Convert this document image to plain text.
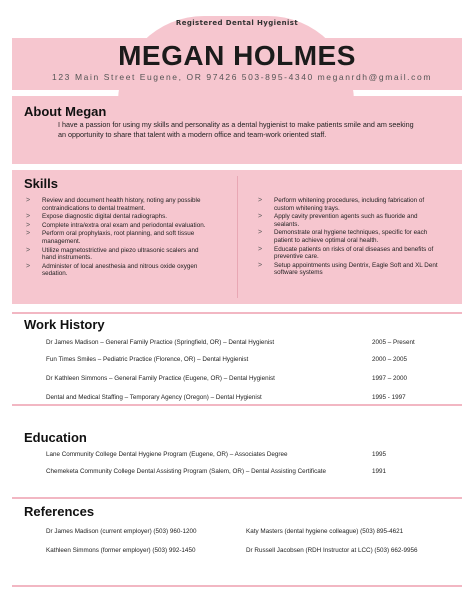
Registered Dental Hygienist
MEGAN HOLMES
123 Main Street Eugene, OR 97426 503-895-4340 meganrdh@gmail.com
About Megan
I have a passion for using my skills and personality as a dental hygienist to make patients smile and am seeking an opportunity to share that talent with a modern office and team-work oriented staff.
Skills
> Review and document health history, noting any possible contraindications to dental treatment.
> Expose diagnostic digital dental radiographs.
> Complete intra/extra oral exam and periodontal evaluation.
> Perform oral prophylaxis, root planning, and soft tissue management.
> Utilize magnetostrictive and piezo ultrasonic scalers and hand instruments.
> Administer of local anesthesia and nitrous oxide oxygen sedation.
> Perform whitening procedures, including fabrication of custom whitening trays.
> Apply cavity prevention agents such as fluoride and sealants.
> Demonstrate oral hygiene techniques, specific for each patient to achieve optimal oral health.
> Educate patients on risks of oral diseases and benefits of preventive care.
> Setup appointments using Dentrix, Eagle Soft and XL Dent software systems
Work History
Dr James Madison – General Family Practice (Springfield, OR) – Dental Hygienist	2005 – Present
Fun Times Smiles – Pediatric Practice (Florence, OR) – Dental Hygienist	2000 – 2005
Dr Kathleen Simmons – General Family Practice (Eugene, OR) – Dental Hygienist	1997 – 2000
Dental and Medical Staffing – Temporary Agency (Oregon) – Dental Hygienist	1995 - 1997
Education
Lane Community College Dental Hygiene Program (Eugene, OR) – Associates Degree	1995
Chemeketa Community College Dental Assisting Program (Salem, OR) – Dental Assisting Certificate	1991
References
Dr James Madison (current employer) (503) 960-1200	Katy Masters (dental hygiene colleague) (503) 895-4621
Kathleen Simmons (former employer) (503) 992-1450	Dr Russell Jacobsen (RDH Instructor at LCC) (503) 662-9956
